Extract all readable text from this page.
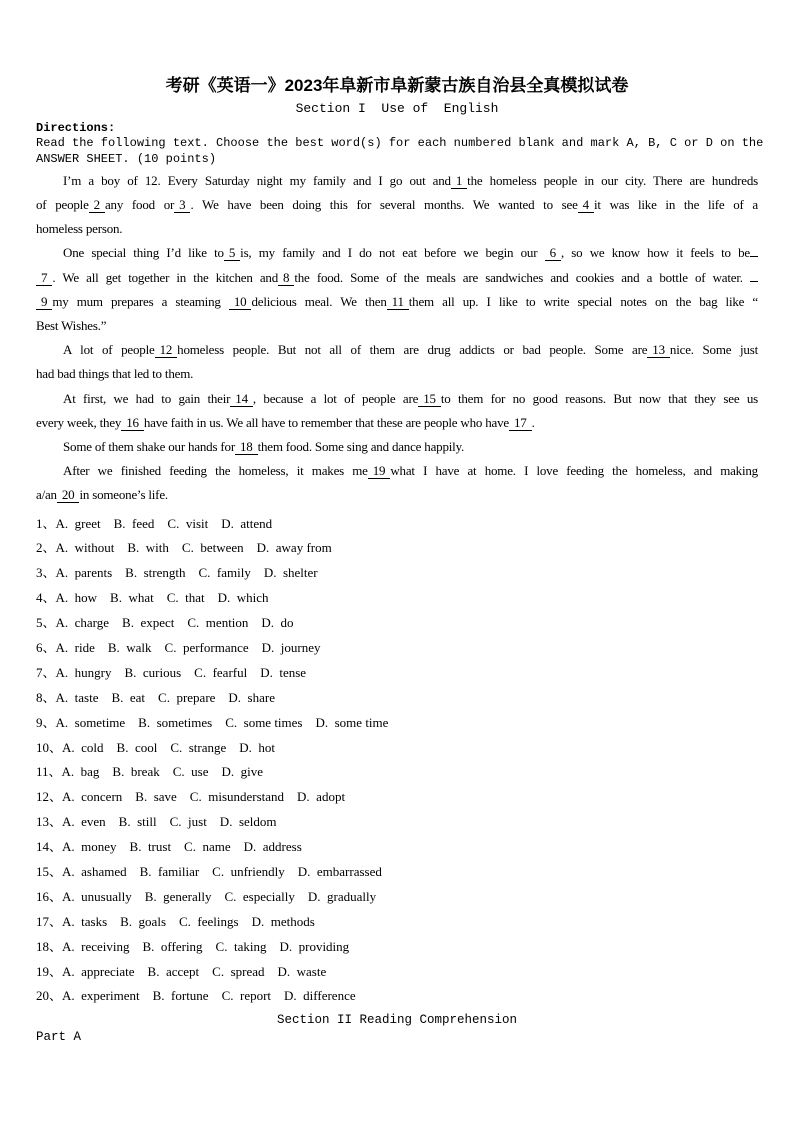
考研《英语一》2023年阜新市阜新蒙古族自治县全真模拟试卷
Section I  Use of  English
Directions:
Read the following text. Choose the best word(s) for each numbered blank and mark A, B, C or D on the
ANSWER SHEET. (10 points)
I’m a boy of 12. Every Saturday night my family and I go out and 1 the homeless people in our city. There are hundreds
of people 2 any food or 3 . We have been doing this for several months. We wanted to see 4 it was like in the life of a
homeless person.
One special thing I’d like to 5 is, my family and I do not eat before we begin our 6 , so we know how it feels to be
7 . We all get together in the kitchen and 8 the food. Some of the meals are sandwiches and cookies and a bottle of water.
9 my mum prepares a steaming 10 delicious meal. We then 11 them all up. I like to write special notes on the bag like “
Best Wishes.”
A lot of people 12 homeless people. But not all of them are drug addicts or bad people. Some are 13 nice. Some just
had bad things that led to them.
At first, we had to gain their 14 , because a lot of people are 15 to them for no good reasons. But now that they see us
every week, they 16 have faith in us. We all have to remember that these are people who have 17 .
Some of them shake our hands for 18 them food. Some sing and dance happily.
After we finished feeding the homeless, it makes me 19 what I have at home. I love feeding the homeless, and making
a/an 20 in someone’s life.
1、A.  greet    B.  feed    C.  visit    D.  attend
2、A.  without    B.  with    C.  between    D.  away from
3、A.  parents    B.  strength    C.  family    D.  shelter
4、A.  how    B.  what    C.  that    D.  which
5、A.  charge    B.  expect    C.  mention    D.  do
6、A.  ride    B.  walk    C.  performance    D.  journey
7、A.  hungry    B.  curious    C.  fearful    D.  tense
8、A.  taste    B.  eat    C.  prepare    D.  share
9、A.  sometime    B.  sometimes    C.  some times    D.  some time
10、A.  cold    B.  cool    C.  strange    D.  hot
11、A.  bag    B.  break    C.  use    D.  give
12、A.  concern    B.  save    C.  misunderstand    D.  adopt
13、A.  even    B.  still    C.  just    D.  seldom
14、A.  money    B.  trust    C.  name    D.  address
15、A.  ashamed    B.  familiar    C.  unfriendly    D.  embarrassed
16、A.  unusually    B.  generally    C.  especially    D.  gradually
17、A.  tasks    B.  goals    C.  feelings    D.  methods
18、A.  receiving    B.  offering    C.  taking    D.  providing
19、A.  appreciate    B.  accept    C.  spread    D.  waste
20、A.  experiment    B.  fortune    C.  report    D.  difference
Section II Reading Comprehension
Part A
